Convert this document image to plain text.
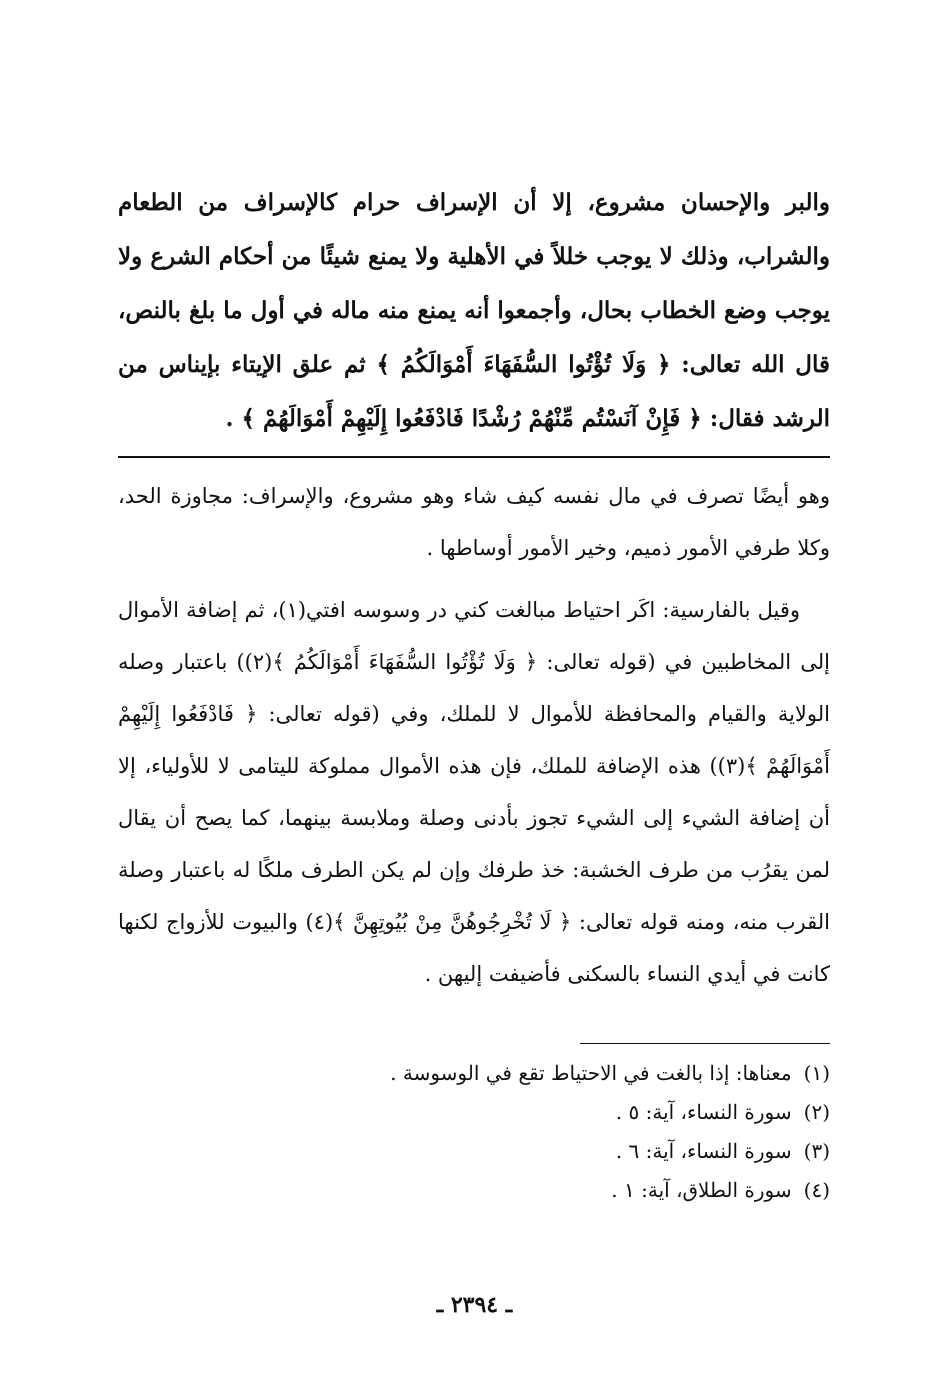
والبر والإحسان مشروع، إلا أن الإسراف حرام كالإسراف من الطعام والشراب، وذلك لا يوجب خللاً في الأهلية ولا يمنع شيئًا من أحكام الشرع ولا يوجب وضع الخطاب بحال، وأجمعوا أنه يمنع منه ماله في أول ما بلغ بالنص، قال الله تعالى: ﴿ وَلَا تُؤْتُوا السُّفَهَاءَ أَمْوَالَكُمُ ﴾ ثم علق الإيتاء بإيناس من الرشد فقال: ﴿ فَإِنْ آنَسْتُم مِّنْهُمْ رُشْدًا فَادْفَعُوا إِلَيْهِمْ أَمْوَالَهُمْ ﴾ .

وهو أيضًا تصرف في مال نفسه كيف شاء وهو مشروع، والإسراف: مجاوزة الحد، وكلا طرفي الأمور ذميم، وخير الأمور أوساطها .

وقيل بالفارسية: اكَر احتياط مبالغت كني در وسوسه افتي(١)، ثم إضافة الأموال إلى المخاطبين في (قوله تعالى: ﴿ وَلَا تُؤْتُوا السُّفَهَاءَ أَمْوَالَكُمُ ﴾(٢)) باعتبار وصله الولاية والقيام والمحافظة للأموال لا للملك، وفي (قوله تعالى: ﴿ فَادْفَعُوا إِلَيْهِمْ أَمْوَالَهُمْ ﴾(٣)) هذه الإضافة للملك، فإن هذه الأموال مملوكة لليتامى لا للأولياء، إلا أن إضافة الشيء إلى الشيء تجوز بأدنى وصلة وملابسة بينهما، كما يصح أن يقال لمن يقرُب من طرف الخشبة: خذ طرفك وإن لم يكن الطرف ملكًا له باعتبار وصلة القرب منه، ومنه قوله تعالى: ﴿ لَا تُخْرِجُوهُنَّ مِنْ بُيُوتِهِنَّ ﴾(٤) والبيوت للأزواج لكنها كانت في أيدي النساء بالسكنى فأضيفت إليهن .

(١)معناها: إذا بالغت في الاحتياط تقع في الوسوسة .
(٢)سورة النساء، آية: ٥ .
(٣)سورة النساء، آية: ٦ .
(٤)سورة الطلاق، آية: ١ .
ـ ٢٣٩٤ ـ
